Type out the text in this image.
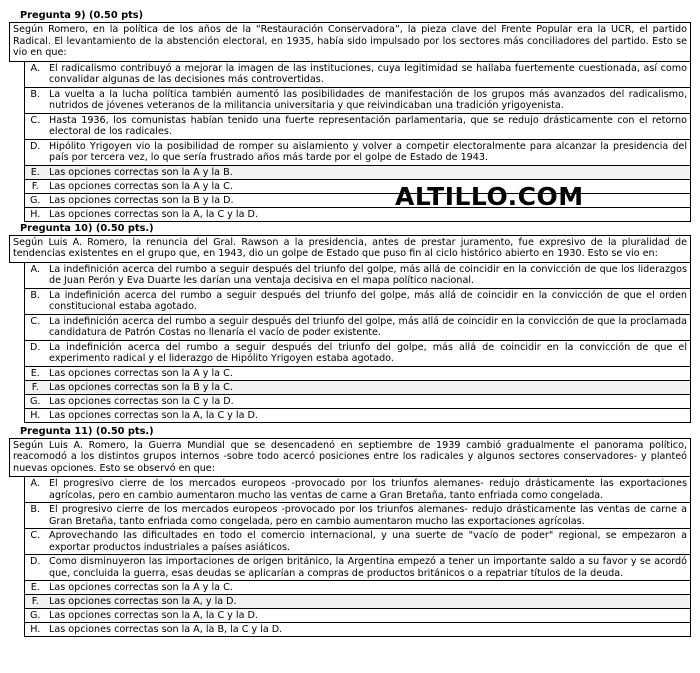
Pregunta 9) (0.50 pts)
Según Romero, en la política de los años de la “Restauración Conservadora”, la pieza clave del Frente Popular era la UCR, el partido Radical. El levantamiento de la abstención electoral, en 1935, había sido impulsado por los sectores más conciliadores del partido. Esto se vio en que:
	A.	El radicalismo contribuyó a mejorar la imagen de las instituciones, cuya legitimidad se hallaba fuertemente cuestionada, así como convalidar algunas de las decisiones más controvertidas.
	B.	La vuelta a la lucha política también aumentó las posibilidades de manifestación de los grupos más avanzados del radicalismo, nutridos de jóvenes veteranos de la militancia universitaria y que reivindicaban una tradición yrigoyenista.
	C.	Hasta 1936, los comunistas habían tenido una fuerte representación parlamentaria, que se redujo drásticamente con el retorno electoral de los radicales.
	D.	Hipólito Yrigoyen vio la posibilidad de romper su aislamiento y volver a competir electoralmente para alcanzar la presidencia del país por tercera vez, lo que sería frustrado años más tarde por el golpe de Estado de 1943.
	E.	Las opciones correctas son la A y la B.
	F.	Las opciones correctas son la A y la C.
	G.	Las opciones correctas son la B y la D.
	H.	Las opciones correctas son la A, la C y la D.
Pregunta 10) (0.50 pts.)
Según Luis A. Romero, la renuncia del Gral. Rawson a la presidencia, antes de prestar juramento, fue expresivo de la pluralidad de tendencias existentes en el grupo que, en 1943, dio un golpe de Estado que puso fin al ciclo histórico abierto en 1930. Esto se vio en:
	A.	La indefinición acerca del rumbo a seguir después del triunfo del golpe, más allá de coincidir en la convicción de que los liderazgos de Juan Perón y Eva Duarte les darían una ventaja decisiva en el mapa político nacional.
	B.	La indefinición acerca del rumbo a seguir después del triunfo del golpe, más allá de coincidir en la convicción de que el orden constitucional estaba agotado.
	C.	La indefinición acerca del rumbo a seguir después del triunfo del golpe, más allá de coincidir en la convicción de que la proclamada candidatura de Patrón Costas no llenaría el vacío de poder existente.
	D.	La indefinición acerca del rumbo a seguir después del triunfo del golpe, más allá de coincidir en la convicción de que el experimento radical y el liderazgo de Hipólito Yrigoyen estaba agotado.
	E.	Las opciones correctas son la A y la C.
	F.	Las opciones correctas son la B y la C.
	G.	Las opciones correctas son la C y la D.
	H.	Las opciones correctas son la A, la C y la D.
Pregunta 11) (0.50 pts.)
Según Luis A. Romero, la Guerra Mundial que se desencadenó en septiembre de 1939 cambió gradualmente el panorama político, reacomodó a los distintos grupos internos -sobre todo acercó posiciones entre los radicales y algunos sectores conservadores- y planteó nuevas opciones. Esto se observó en que:
	A.	El progresivo cierre de los mercados europeos -provocado por los triunfos alemanes- redujo drásticamente las exportaciones agrícolas, pero en cambio aumentaron mucho las ventas de carne a Gran Bretaña, tanto enfriada como congelada.
	B.	El progresivo cierre de los mercados europeos -provocado por los triunfos alemanes- redujo drásticamente las ventas de carne a Gran Bretaña, tanto enfriada como congelada, pero en cambio aumentaron mucho las exportaciones agrícolas.
	C.	Aprovechando las dificultades en todo el comercio internacional, y una suerte de "vacío de poder" regional, se empezaron a exportar productos industriales a países asiáticos.
	D.	Como disminuyeron las importaciones de origen británico, la Argentina empezó a tener un importante saldo a su favor y se acordó que, concluida la guerra, esas deudas se aplicarían a compras de productos británicos o a repatriar títulos de la deuda.
	E.	Las opciones correctas son la A y la C.
	F.	Las opciones correctas son la A, y la D.
	G.	Las opciones correctas son la A, la C y la D.
	H.	Las opciones correctas son la A, la B, la C y la D.
ALTILLO.COM
